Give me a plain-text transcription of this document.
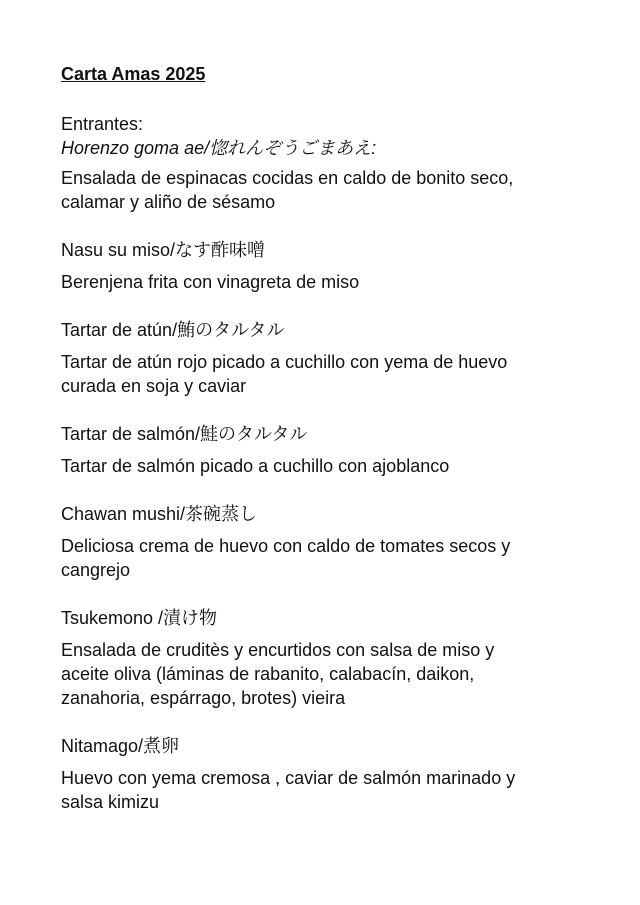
Carta Amas 2025
Entrantes:
Horenzo goma ae/惚れんぞうごまあえ:
Ensalada de espinacas cocidas en caldo de bonito seco,
calamar y aliño de sésamo
Nasu su miso/なす酢味噌
Berenjena frita con vinagreta de miso
Tartar de atún/鮪のタルタル
Tartar de atún rojo picado a cuchillo con yema de huevo
curada en soja y caviar
Tartar de salmón/鮭のタルタル
Tartar de salmón picado a cuchillo con ajoblanco
Chawan mushi/茶碗蒸し
Deliciosa crema de huevo con caldo de tomates secos y
cangrejo
Tsukemono /漬け物
Ensalada de cruditès y encurtidos con salsa de miso y
aceite oliva (láminas de rabanito, calabacín, daikon,
zanahoria, espárrago, brotes) vieira
Nitamago/煮卵
Huevo con yema cremosa , caviar de salmón marinado y
salsa kimizu
